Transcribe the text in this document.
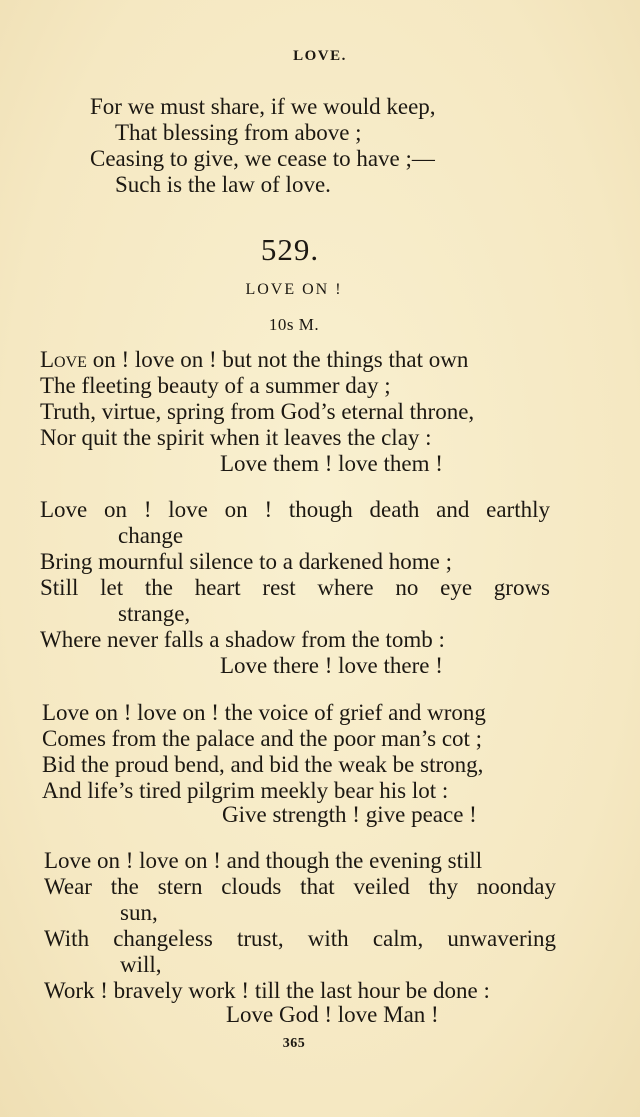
LOVE.
For we must share, if we would keep,
That blessing from above ;
Ceasing to give, we cease to have ;—
Such is the law of love.
529.
LOVE ON !
10s M.
Love on ! love on ! but not the things that own
The fleeting beauty of a summer day ;
Truth, virtue, spring from God’s eternal throne,
Nor quit the spirit when it leaves the clay :
Love them ! love them !
Love on ! love on ! though death and earthly
change
Bring mournful silence to a darkened home ;
Still let the heart rest where no eye grows
strange,
Where never falls a shadow from the tomb :
Love there ! love there !
Love on ! love on ! the voice of grief and wrong
Comes from the palace and the poor man’s cot ;
Bid the proud bend, and bid the weak be strong,
And life’s tired pilgrim meekly bear his lot :
Give strength ! give peace !
Love on ! love on ! and though the evening still
Wear the stern clouds that veiled thy noonday
sun,
With changeless trust, with calm, unwavering
will,
Work ! bravely work ! till the last hour be done :
Love God ! love Man !
365
